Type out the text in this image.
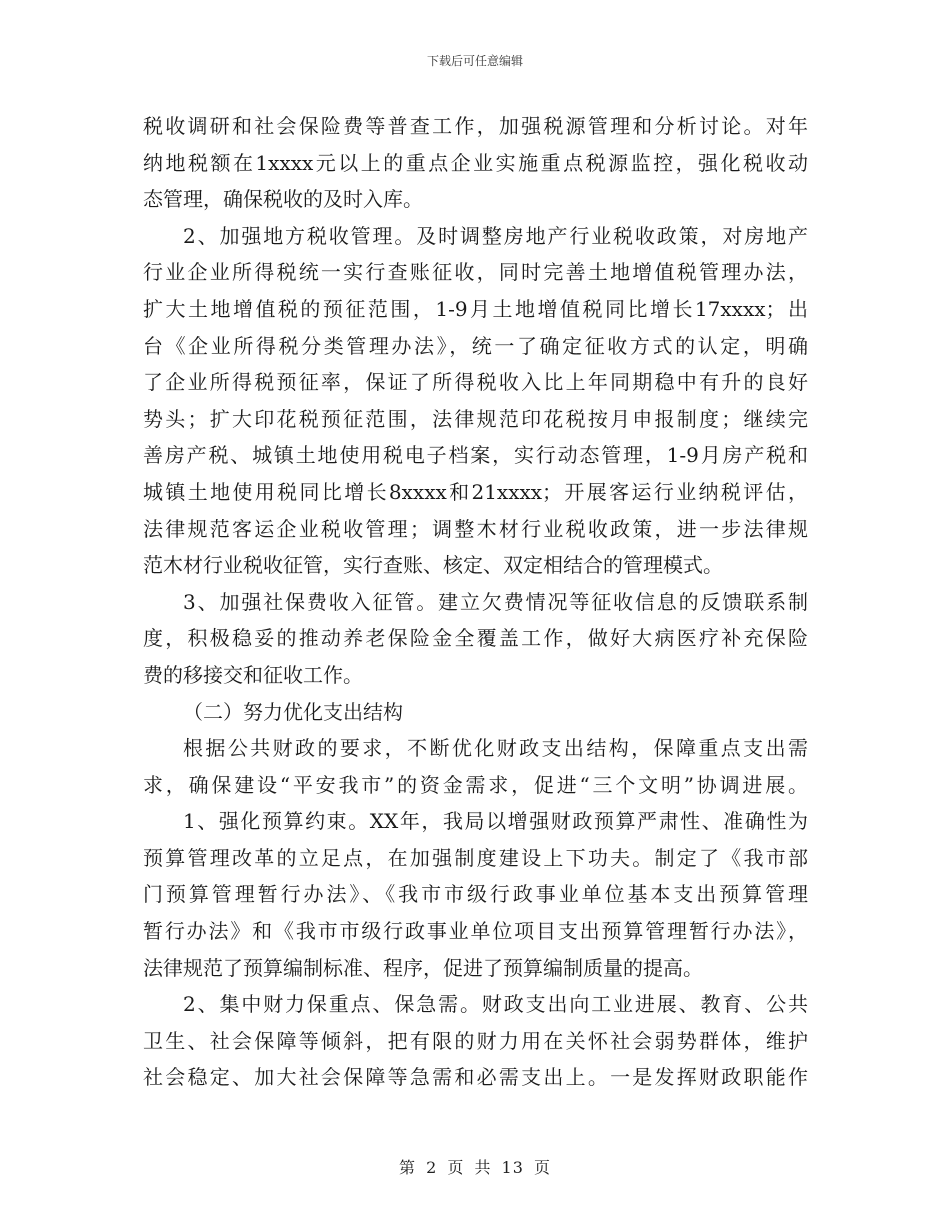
下载后可任意编辑
税收调研和社会保险费等普查工作，加强税源管理和分析讨论。对年
纳地税额在1xxxx元以上的重点企业实施重点税源监控，强化税收动
态管理，确保税收的及时入库。
2、加强地方税收管理。及时调整房地产行业税收政策，对房地产
行业企业所得税统一实行查账征收，同时完善土地增值税管理办法，
扩大土地增值税的预征范围，1-9月土地增值税同比增长17xxxx；出
台《企业所得税分类管理办法》，统一了确定征收方式的认定，明确
了企业所得税预征率，保证了所得税收入比上年同期稳中有升的良好
势头；扩大印花税预征范围，法律规范印花税按月申报制度；继续完
善房产税、城镇土地使用税电子档案，实行动态管理，1-9月房产税和
城镇土地使用税同比增长8xxxx和21xxxx；开展客运行业纳税评估，
法律规范客运企业税收管理；调整木材行业税收政策，进一步法律规
范木材行业税收征管，实行查账、核定、双定相结合的管理模式。
3、加强社保费收入征管。建立欠费情况等征收信息的反馈联系制
度，积极稳妥的推动养老保险金全覆盖工作，做好大病医疗补充保险
费的移接交和征收工作。
（二）努力优化支出结构
根据公共财政的要求，不断优化财政支出结构，保障重点支出需
求，确保建设“平安我市”的资金需求，促进“三个文明”协调进展。
1、强化预算约束。XX年，我局以增强财政预算严肃性、准确性为
预算管理改革的立足点，在加强制度建设上下功夫。制定了《我市部
门预算管理暂行办法》、《我市市级行政事业单位基本支出预算管理
暂行办法》和《我市市级行政事业单位项目支出预算管理暂行办法》，
法律规范了预算编制标准、程序，促进了预算编制质量的提高。
2、集中财力保重点、保急需。财政支出向工业进展、教育、公共
卫生、社会保障等倾斜，把有限的财力用在关怀社会弱势群体，维护
社会稳定、加大社会保障等急需和必需支出上。一是发挥财政职能作
第 2 页 共 13 页
